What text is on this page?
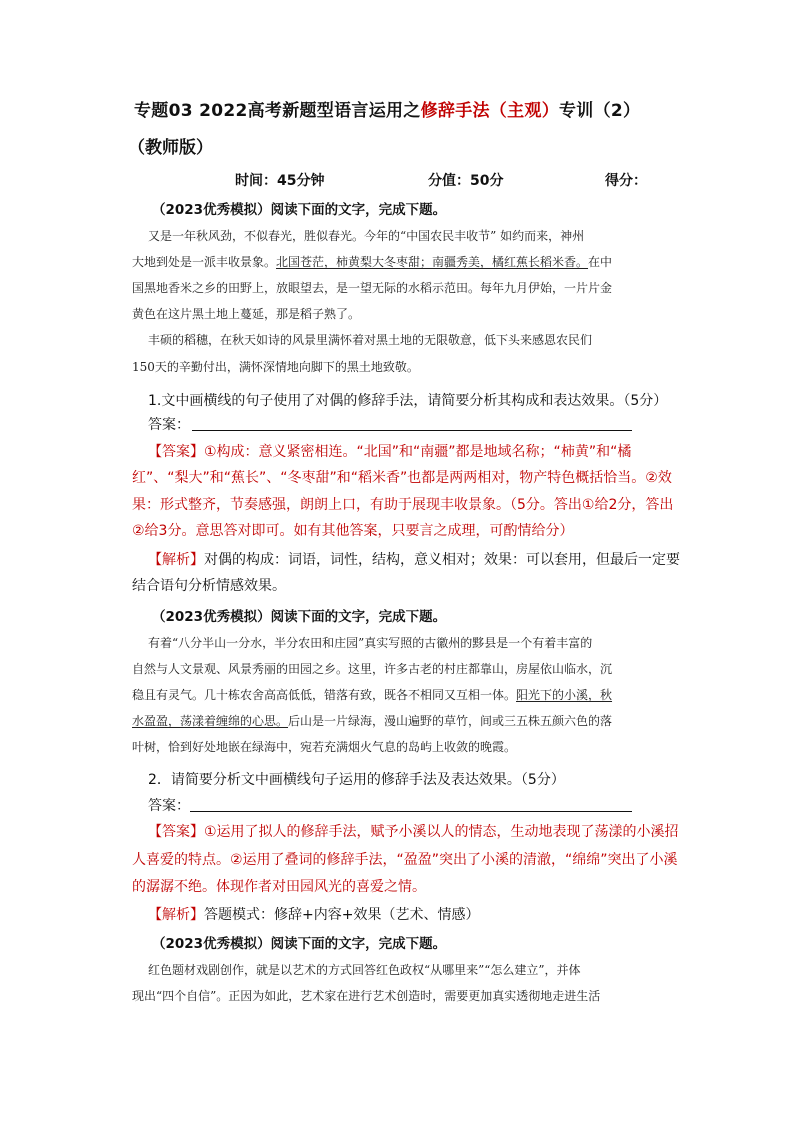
专题03 2022高考新题型语言运用之修辞手法（主观）专训（2）
（教师版）
时间：45分钟	分值：50分	得分：
（2023优秀模拟）阅读下面的文字，完成下题。
又是一年秋风劲，不似春光，胜似春光。今年的“中国农民丰收节” 如约而来，神州
大地到处是一派丰收景象。北国苍茫，柿黄梨大冬枣甜；南疆秀美，橘红蕉长稻米香。在中
国黑地香米之乡的田野上，放眼望去，是一望无际的水稻示范田。每年九月伊始，一片片金
黄色在这片黑土地上蔓延，那是稻子熟了。
丰硕的稻穗，在秋天如诗的风景里满怀着对黑土地的无限敬意，低下头来感恩农民们
150天的辛勤付出，满怀深情地向脚下的黑土地致敬。
1.文中画横线的句子使用了对偶的修辞手法，请简要分析其构成和表达效果。（5分）
答案：
【答案】①构成：意义紧密相连。“北国”和“南疆”都是地域名称；“柿黄”和“橘
红”、“梨大”和“蕉长”、“冬枣甜”和“稻米香”也都是两两相对，物产特色概括恰当。②效
果：形式整齐，节奏感强，朗朗上口，有助于展现丰收景象。（5分。答出①给2分，答出
②给3分。意思答对即可。如有其他答案，只要言之成理，可酌情给分）
【解析】对偶的构成：词语，词性，结构，意义相对；效果：可以套用，但最后一定要
结合语句分析情感效果。
（2023优秀模拟）阅读下面的文字，完成下题。
有着“八分半山一分水，半分农田和庄园”真实写照的古徽州的黟县是一个有着丰富的
自然与人文景观、风景秀丽的田园之乡。这里，许多古老的村庄都靠山，房屋依山临水，沉
稳且有灵气。几十栋农舍高高低低，错落有致，既各不相同又互相一体。阳光下的小溪，秋
水盈盈，荡漾着缠绵的心思。后山是一片绿海，漫山遍野的草竹，间或三五株五颜六色的落
叶树，恰到好处地嵌在绿海中，宛若充满烟火气息的岛屿上收敛的晚霞。
2．请简要分析文中画横线句子运用的修辞手法及表达效果。（5分）
答案：
【答案】①运用了拟人的修辞手法，赋予小溪以人的情态，生动地表现了荡漾的小溪招
人喜爱的特点。②运用了叠词的修辞手法，“盈盈”突出了小溪的清澈，“绵绵”突出了小溪
的潺潺不绝。体现作者对田园风光的喜爱之情。
【解析】答题模式：修辞+内容+效果（艺术、情感）
（2023优秀模拟）阅读下面的文字，完成下题。
红色题材戏剧创作，就是以艺术的方式回答红色政权“从哪里来”“怎么建立”，并体
现出“四个自信”。正因为如此，艺术家在进行艺术创造时，需要更加真实透彻地走进生活
